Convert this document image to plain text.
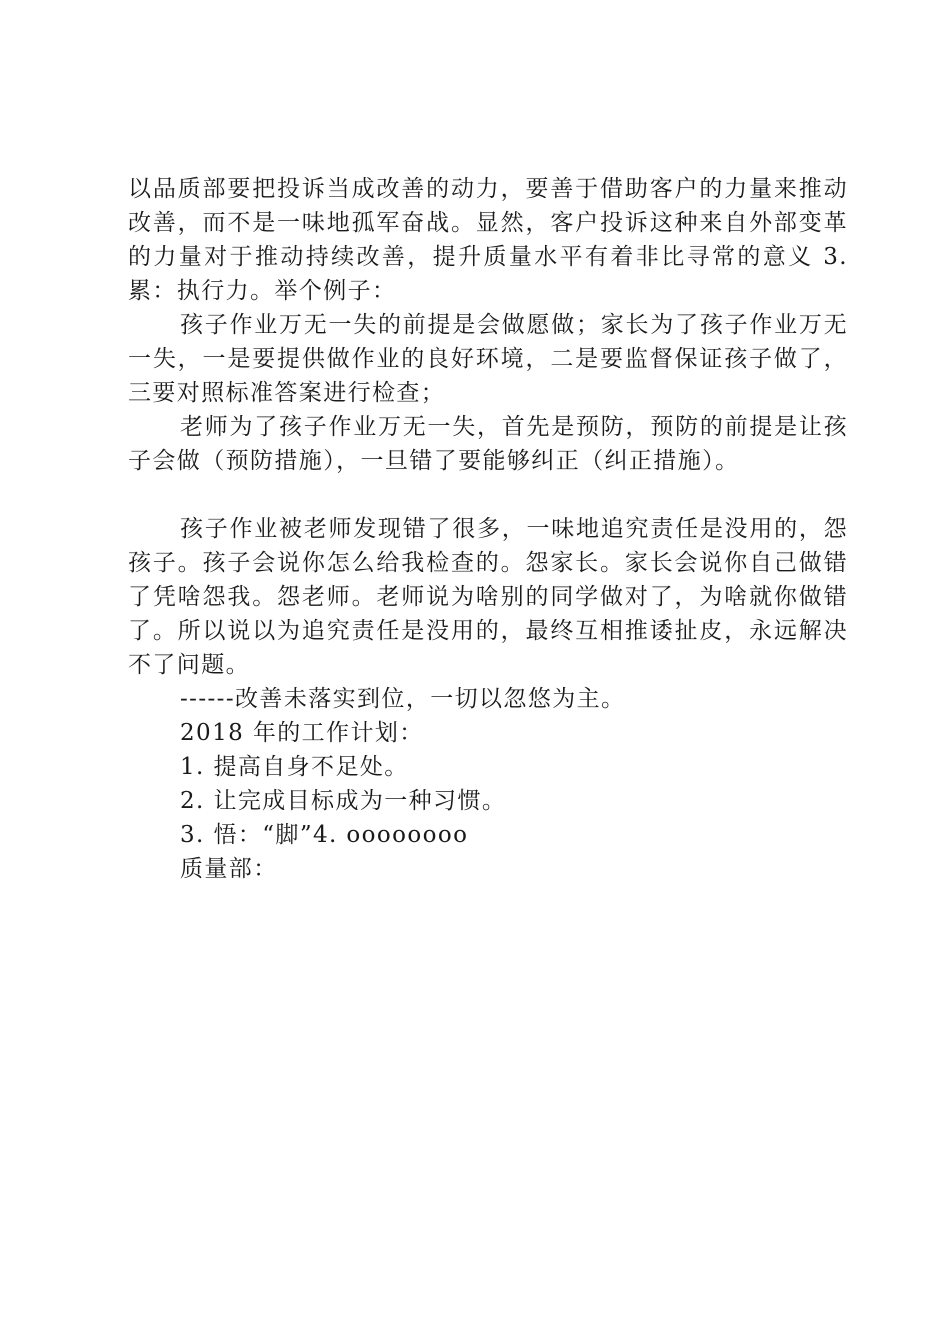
以品质部要把投诉当成改善的动力，要善于借助客户的力量来推动改善，而不是一味地孤军奋战。显然，客户投诉这种来自外部变革的力量对于推动持续改善，提升质量水平有着非比寻常的意义 3. 累：执行力。举个例子：

孩子作业万无一失的前提是会做愿做；家长为了孩子作业万无一失，一是要提供做作业的良好环境，二是要监督保证孩子做了，三要对照标准答案进行检查；

老师为了孩子作业万无一失，首先是预防，预防的前提是让孩子会做（预防措施），一旦错了要能够纠正（纠正措施）。

孩子作业被老师发现错了很多，一味地追究责任是没用的，怨孩子。孩子会说你怎么给我检查的。怨家长。家长会说你自己做错了凭啥怨我。怨老师。老师说为啥别的同学做对了，为啥就你做错了。所以说以为追究责任是没用的，最终互相推诿扯皮，永远解决不了问题。

------改善未落实到位，一切以忽悠为主。

2018 年的工作计划：

1. 提高自身不足处。

2. 让完成目标成为一种习惯。

3. 悟：“脚”4. oooooooo

质量部：
